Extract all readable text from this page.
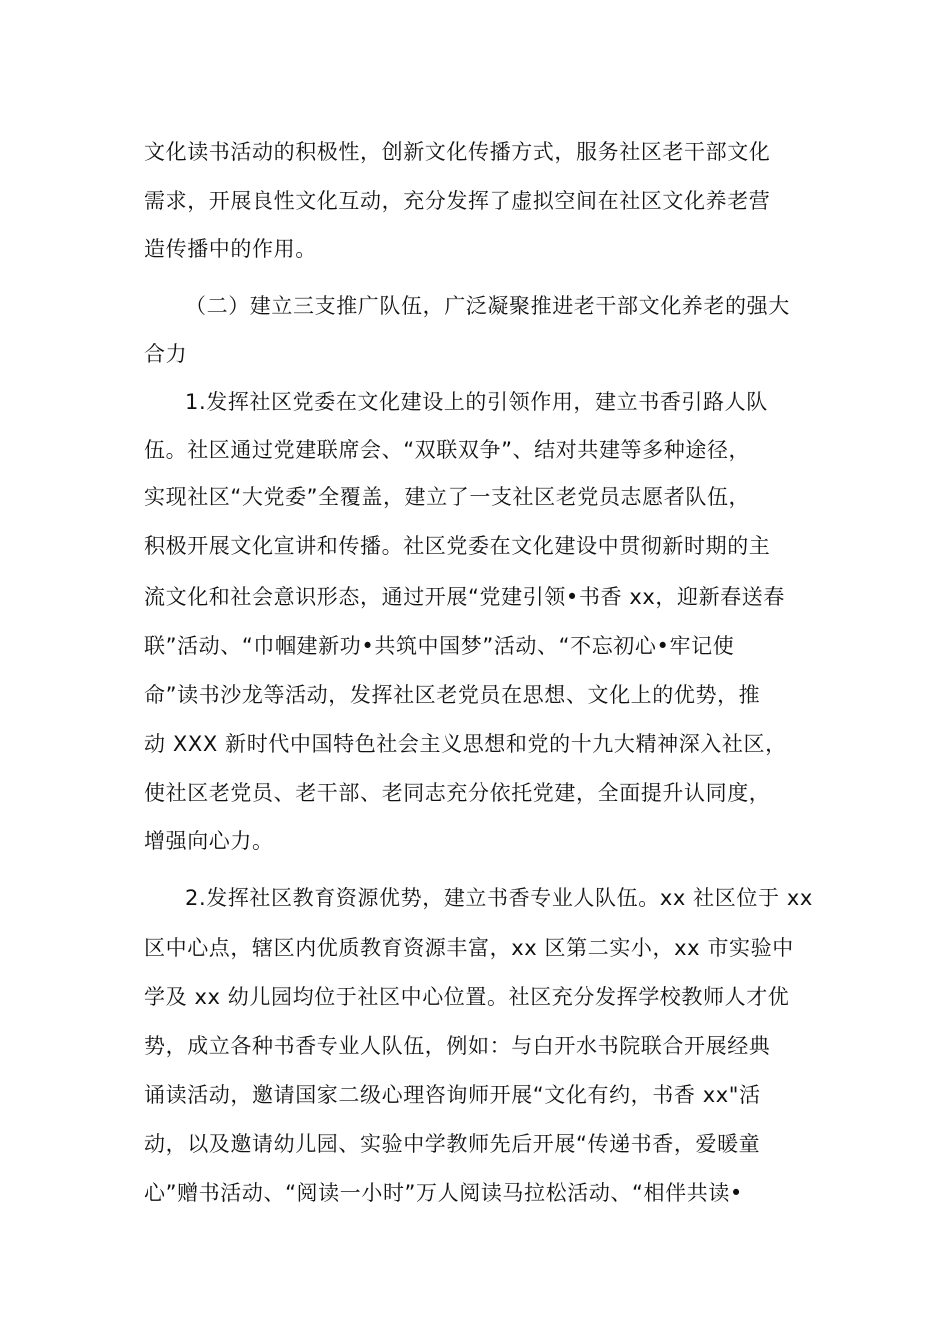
文化读书活动的积极性，创新文化传播方式，服务社区老干部文化
需求，开展良性文化互动，充分发挥了虚拟空间在社区文化养老营
造传播中的作用。
（二）建立三支推广队伍，广泛凝聚推进老干部文化养老的强大
合力
1.发挥社区党委在文化建设上的引领作用，建立书香引路人队
伍。社区通过党建联席会、“双联双争”、结对共建等多种途径，
实现社区“大党委”全覆盖，建立了一支社区老党员志愿者队伍，
积极开展文化宣讲和传播。社区党委在文化建设中贯彻新时期的主
流文化和社会意识形态，通过开展“党建引领•书香 xx，迎新春送春
联”活动、“巾帼建新功•共筑中国梦”活动、“不忘初心•牢记使
命”读书沙龙等活动，发挥社区老党员在思想、文化上的优势，推
动 XXX 新时代中国特色社会主义思想和党的十九大精神深入社区，
使社区老党员、老干部、老同志充分依托党建，全面提升认同度，
增强向心力。
2.发挥社区教育资源优势，建立书香专业人队伍。xx 社区位于 xx
区中心点，辖区内优质教育资源丰富，xx 区第二实小，xx 市实验中
学及 xx 幼儿园均位于社区中心位置。社区充分发挥学校教师人才优
势，成立各种书香专业人队伍，例如：与白开水书院联合开展经典
诵读活动，邀请国家二级心理咨询师开展“文化有约，书香 xx"活
动，以及邀请幼儿园、实验中学教师先后开展“传递书香，爱暖童
心”赠书活动、“阅读一小时”万人阅读马拉松活动、“相伴共读•
